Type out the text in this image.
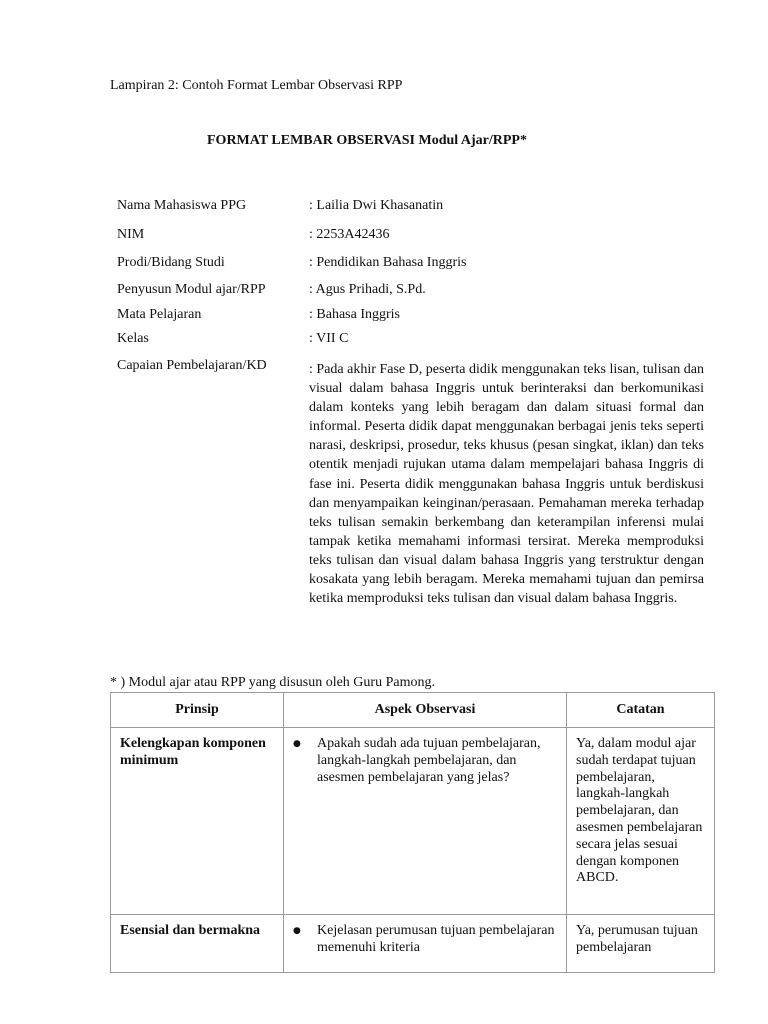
Lampiran 2: Contoh Format Lembar Observasi RPP
FORMAT LEMBAR OBSERVASI Modul Ajar/RPP*
Nama Mahasiswa PPG	: Lailia Dwi Khasanatin
NIM	: 2253A42436
Prodi/Bidang Studi	: Pendidikan Bahasa Inggris
Penyusun Modul ajar/RPP	: Agus Prihadi, S.Pd.
Mata Pelajaran	: Bahasa Inggris
Kelas	: VII C
Capaian Pembelajaran/KD	: Pada akhir Fase D, peserta didik menggunakan teks lisan, tulisan dan visual dalam bahasa Inggris untuk berinteraksi dan berkomunikasi dalam konteks yang lebih beragam dan dalam situasi formal dan informal. Peserta didik dapat menggunakan berbagai jenis teks seperti narasi, deskripsi, prosedur, teks khusus (pesan singkat, iklan) dan teks otentik menjadi rujukan utama dalam mempelajari bahasa Inggris di fase ini. Peserta didik menggunakan bahasa Inggris untuk berdiskusi dan menyampaikan keinginan/perasaan. Pemahaman mereka terhadap teks tulisan semakin berkembang dan keterampilan inferensi mulai tampak ketika memahami informasi tersirat. Mereka memproduksi teks tulisan dan visual dalam bahasa Inggris yang terstruktur dengan kosakata yang lebih beragam. Mereka memahami tujuan dan pemirsa ketika memproduksi teks tulisan dan visual dalam bahasa Inggris.
* ) Modul ajar atau RPP yang disusun oleh Guru Pamong.
Prinsip	Aspek Observasi	Catatan
Kelengkapan komponen minimum	● Apakah sudah ada tujuan pembelajaran, langkah-langkah pembelajaran, dan asesmen pembelajaran yang jelas?	Ya, dalam modul ajar sudah terdapat tujuan pembelajaran, langkah-langkah pembelajaran, dan asesmen pembelajaran secara jelas sesuai dengan komponen ABCD.
Esensial dan bermakna	● Kejelasan perumusan tujuan pembelajaran memenuhi kriteria	Ya, perumusan tujuan pembelajaran
